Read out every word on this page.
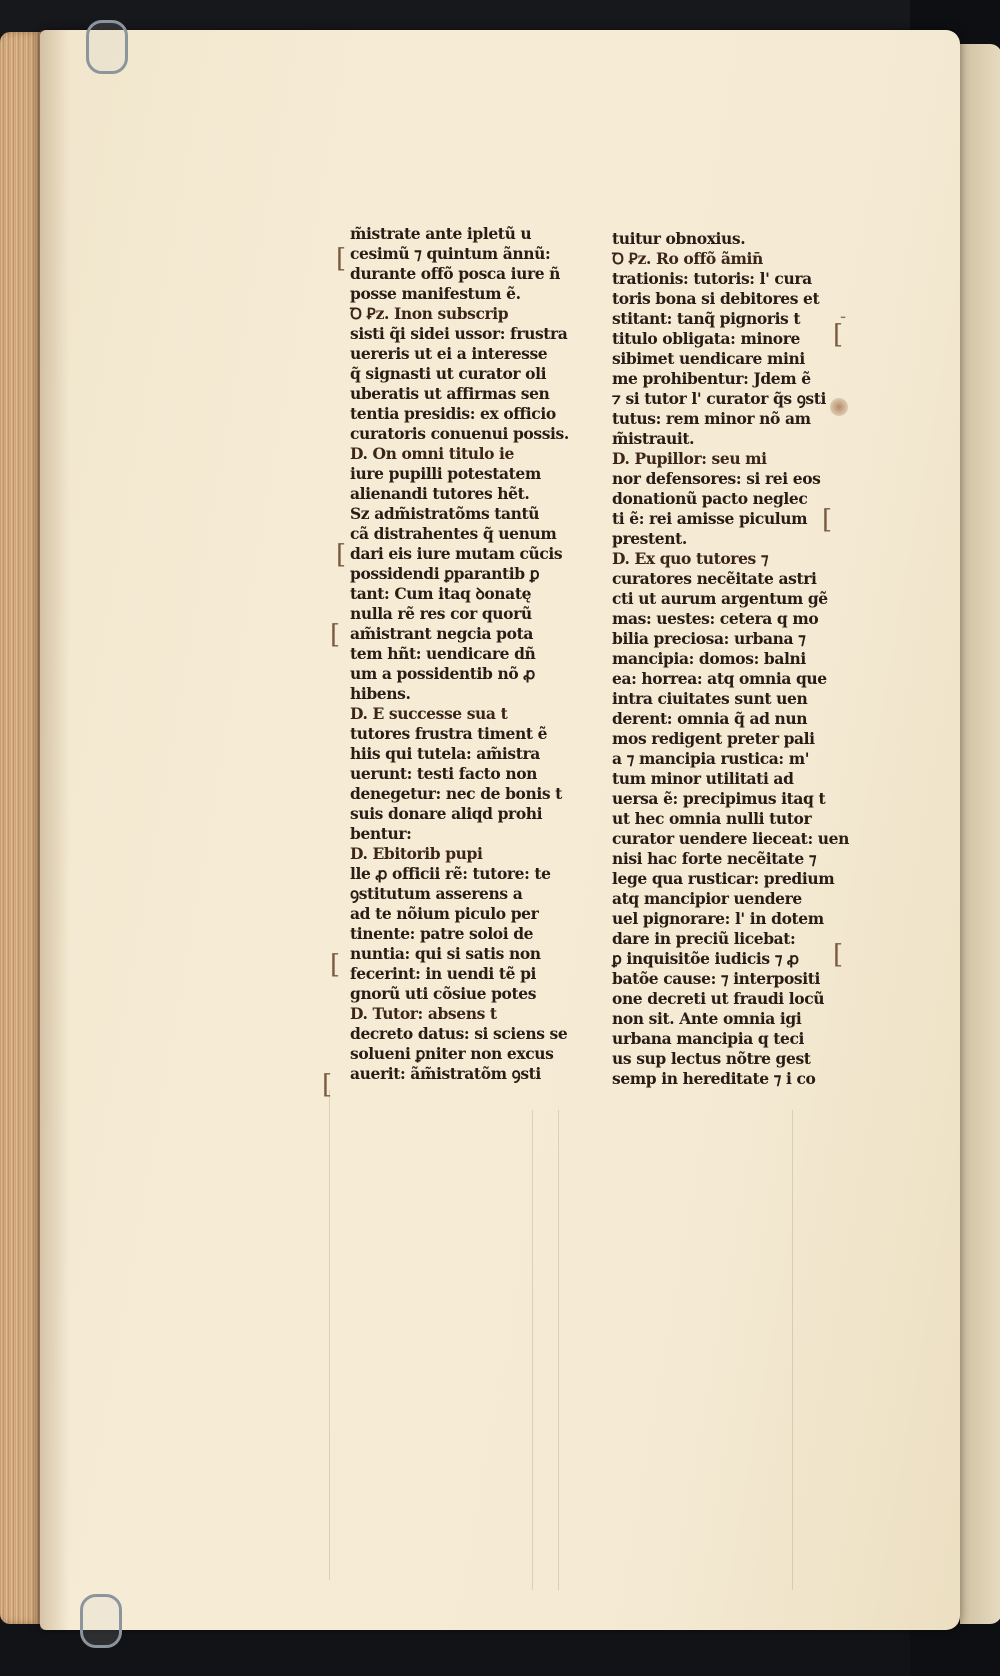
[
[
[
[
[
[
[
[
-
m̃istrate ante ipletũ u
cesimũ ⁊ quintum ãnnũ:
durante offõ posca iure ñ
posse manifestum ẽ.
Ꝺ Ꝑz. Inon subscrip
sisti q̃i sidei ussor: frustra
uereris ut ei a interesse
q̃ signasti ut curator oli
uberatis ut affirmas sen
tentia presidis: ex officio
curatoris conuenui possis.
D. On omni titulo ie
iure pupilli potestatem
alienandi tutores hẽt.
Sz adm̃istratõms tantũ
cã distrahentes q̃ uenum
dari eis iure mutam cũcis
possidendi ꝑparantib ꝑ
tant: Cum itaq ꝺonatę
nulla rẽ res cor quorũ
am̃istrant negcia pota
tem hñt: uendicare dñ
um a possidentib nõ ꝓ
hibens.
D. E successe sua t
tutores frustra timent ẽ
hiis qui tutela: am̃istra
uerunt: testi facto non
denegetur: nec de bonis t
suis donare aliqd prohi
bentur:
D. Ebitorib pupi
lle ꝓ officii rẽ: tutore: te
ꝯstitutum asserens a
ad te nõium piculo per
tinente: patre soloi de
nuntia: qui si satis non
fecerint: in uendi tẽ pi
gnorũ uti cõsiue potes
D. Tutor: absens t
decreto datus: si sciens se
solueni ꝑniter non excus
auerit: ãm̃istratõm ꝯsti
tuitur obnoxius.
Ꝺ Ꝑz. Ro offõ ãmin̄
trationis: tutoris: l' cura
toris bona si debitores et
stitant: tanq̃ pignoris t
titulo obligata: minore
sibimet uendicare mini
me prohibentur: Jdem ẽ
⁊ si tutor l' curator q̃s ꝯsti
tutus: rem minor nõ am
m̃istrauit.
D. Pupillor: seu mi
nor defensores: si rei eos
donationũ pacto neglec
ti ẽ: rei amisse piculum
prestent.
D. Ex quo tutores ⁊
curatores necẽitate astri
cti ut aurum argentum gẽ
mas: uestes: cetera q mo
bilia preciosa: urbana ⁊
mancipia: domos: balni
ea: horrea: atq omnia que
intra ciuitates sunt uen
derent: omnia q̃ ad nun
mos redigent preter pali
a ⁊ mancipia rustica: m'
tum minor utilitati ad
uersa ẽ: precipimus itaq t
ut hec omnia nulli tutor
curator uendere lieceat: uen
nisi hac forte necẽitate ⁊
lege qua rusticar: predium
atq mancipior uendere
uel pignorare: l' in dotem
dare in preciũ licebat:
ꝑ inquisitõe iudicis ⁊ ꝓ
batõe cause: ⁊ interpositi
one decreti ut fraudi locũ
non sit. Ante omnia igi
urbana mancipia q teci
us sup lectus nõtre gest
semp in hereditate ⁊ i co
